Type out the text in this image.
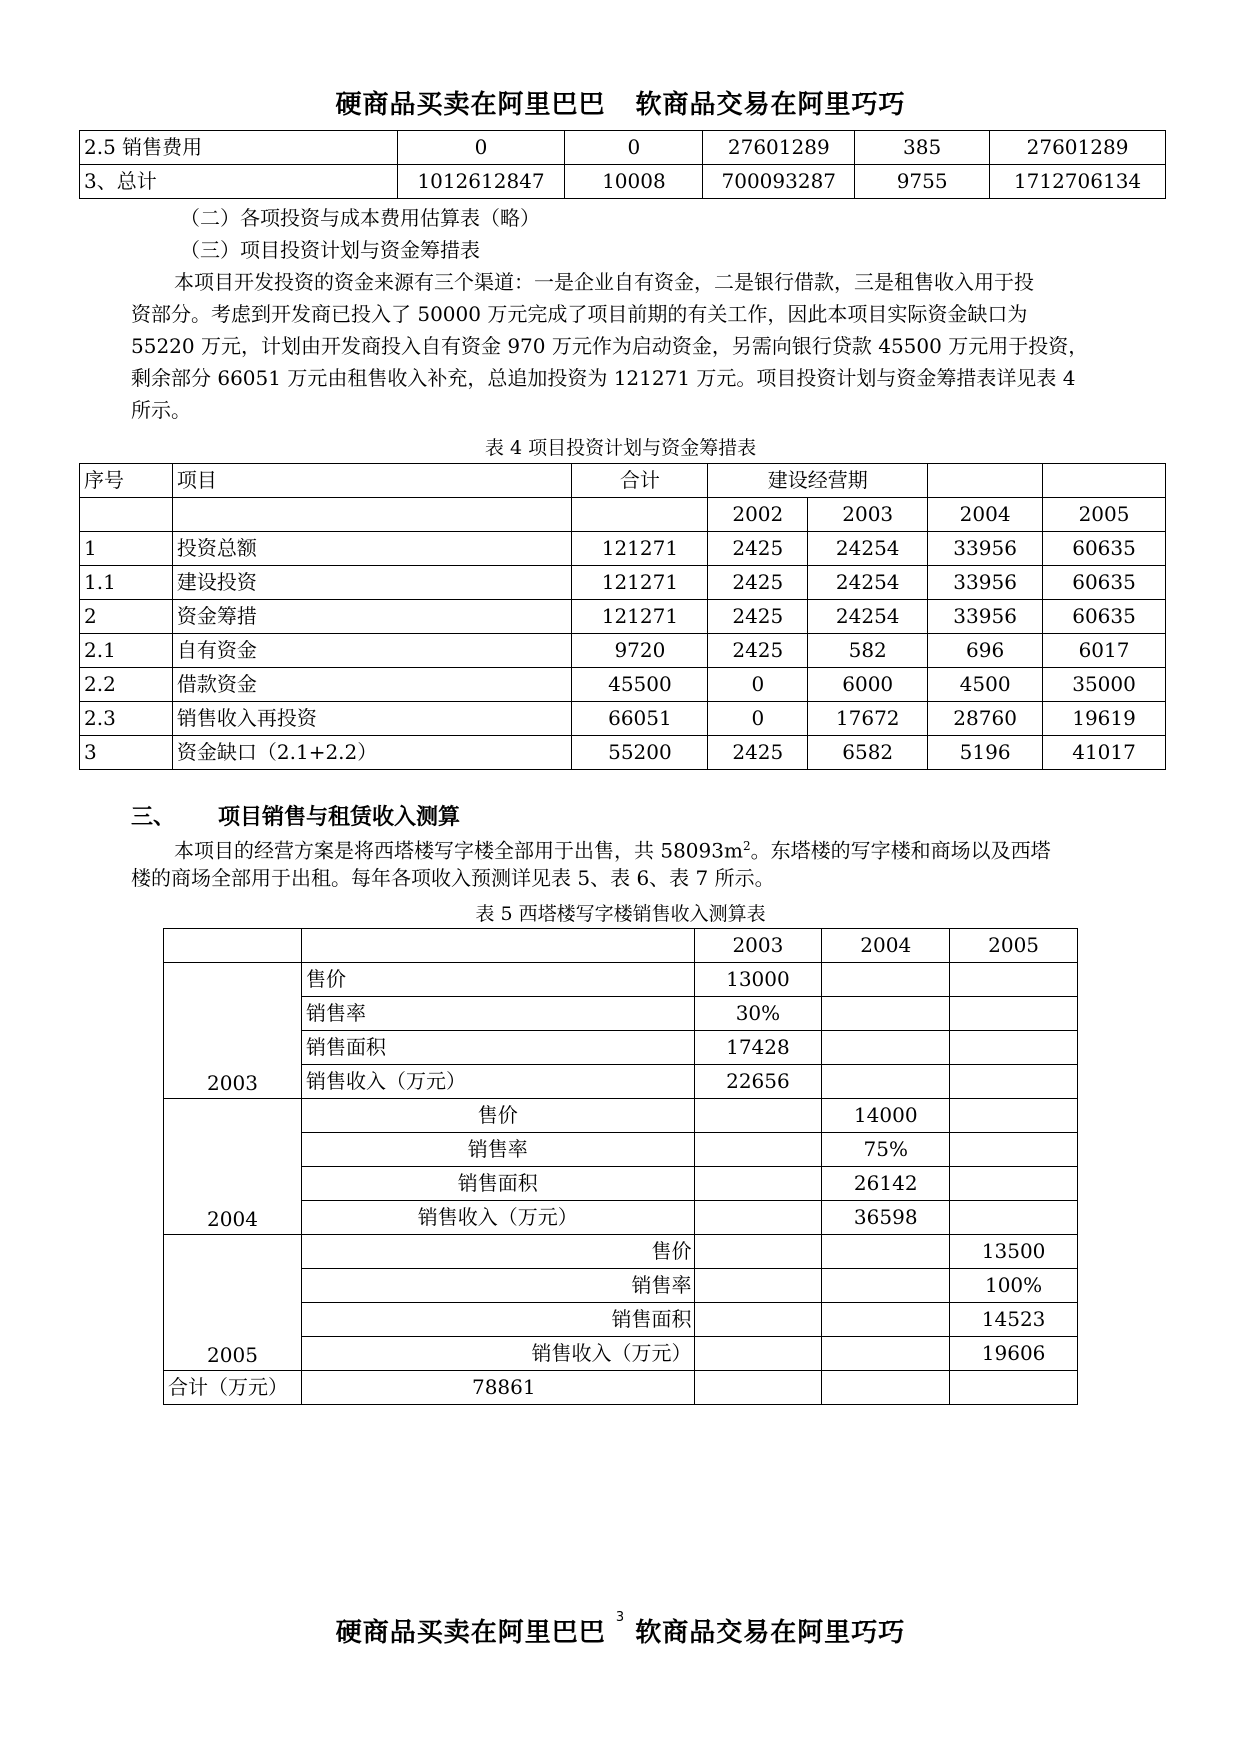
硬商品买卖在阿里巴巴 软商品交易在阿里巧巧
2.5 销售费用	0	0	27601289	385	27601289
3、总计	1012612847	10008	700093287	9755	1712706134
（二）各项投资与成本费用估算表（略）
（三）项目投资计划与资金筹措表
本项目开发投资的资金来源有三个渠道：一是企业自有资金，二是银行借款，三是租售收入用于投
资部分。考虑到开发商已投入了 50000 万元完成了项目前期的有关工作，因此本项目实际资金缺口为
55220 万元，计划由开发商投入自有资金 970 万元作为启动资金，另需向银行贷款 45500 万元用于投资，
剩余部分 66051 万元由租售收入补充，总追加投资为 121271 万元。项目投资计划与资金筹措表详见表 4
所示。
表 4 项目投资计划与资金筹措表
序号	项目	合计	建设经营期			
			2002	2003	2004	2005
1	投资总额	121271	2425	24254	33956	60635
1.1	建设投资	121271	2425	24254	33956	60635
2	资金筹措	121271	2425	24254	33956	60635
2.1	自有资金	9720	2425	582	696	6017
2.2	借款资金	45500	0	6000	4500	35000
2.3	销售收入再投资	66051	0	17672	28760	19619
3	资金缺口（2.1+2.2）	55200	2425	6582	5196	41017
三、 项目销售与租赁收入测算
本项目的经营方案是将西塔楼写字楼全部用于出售，共 $58093m^2$。东塔楼的写字楼和商场以及西塔
楼的商场全部用于出租。每年各项收入预测详见表 5、表 6、表 7 所示。
表 5 西塔楼写字楼销售收入测算表
		2003	2004	2005
2003	售价	13000		
	销售率	30%		
	销售面积	17428		
	销售收入（万元）	22656		
2004	售价		14000	
	销售率		75%	
	销售面积		26142	
	销售收入（万元）		36598	
2005	售价			13500
	销售率			100%
	销售面积			14523
	销售收入（万元）			19606
合计（万元）	78861			
硬商品买卖在阿里巴巴 $^3$ 软商品交易在阿里巧巧
